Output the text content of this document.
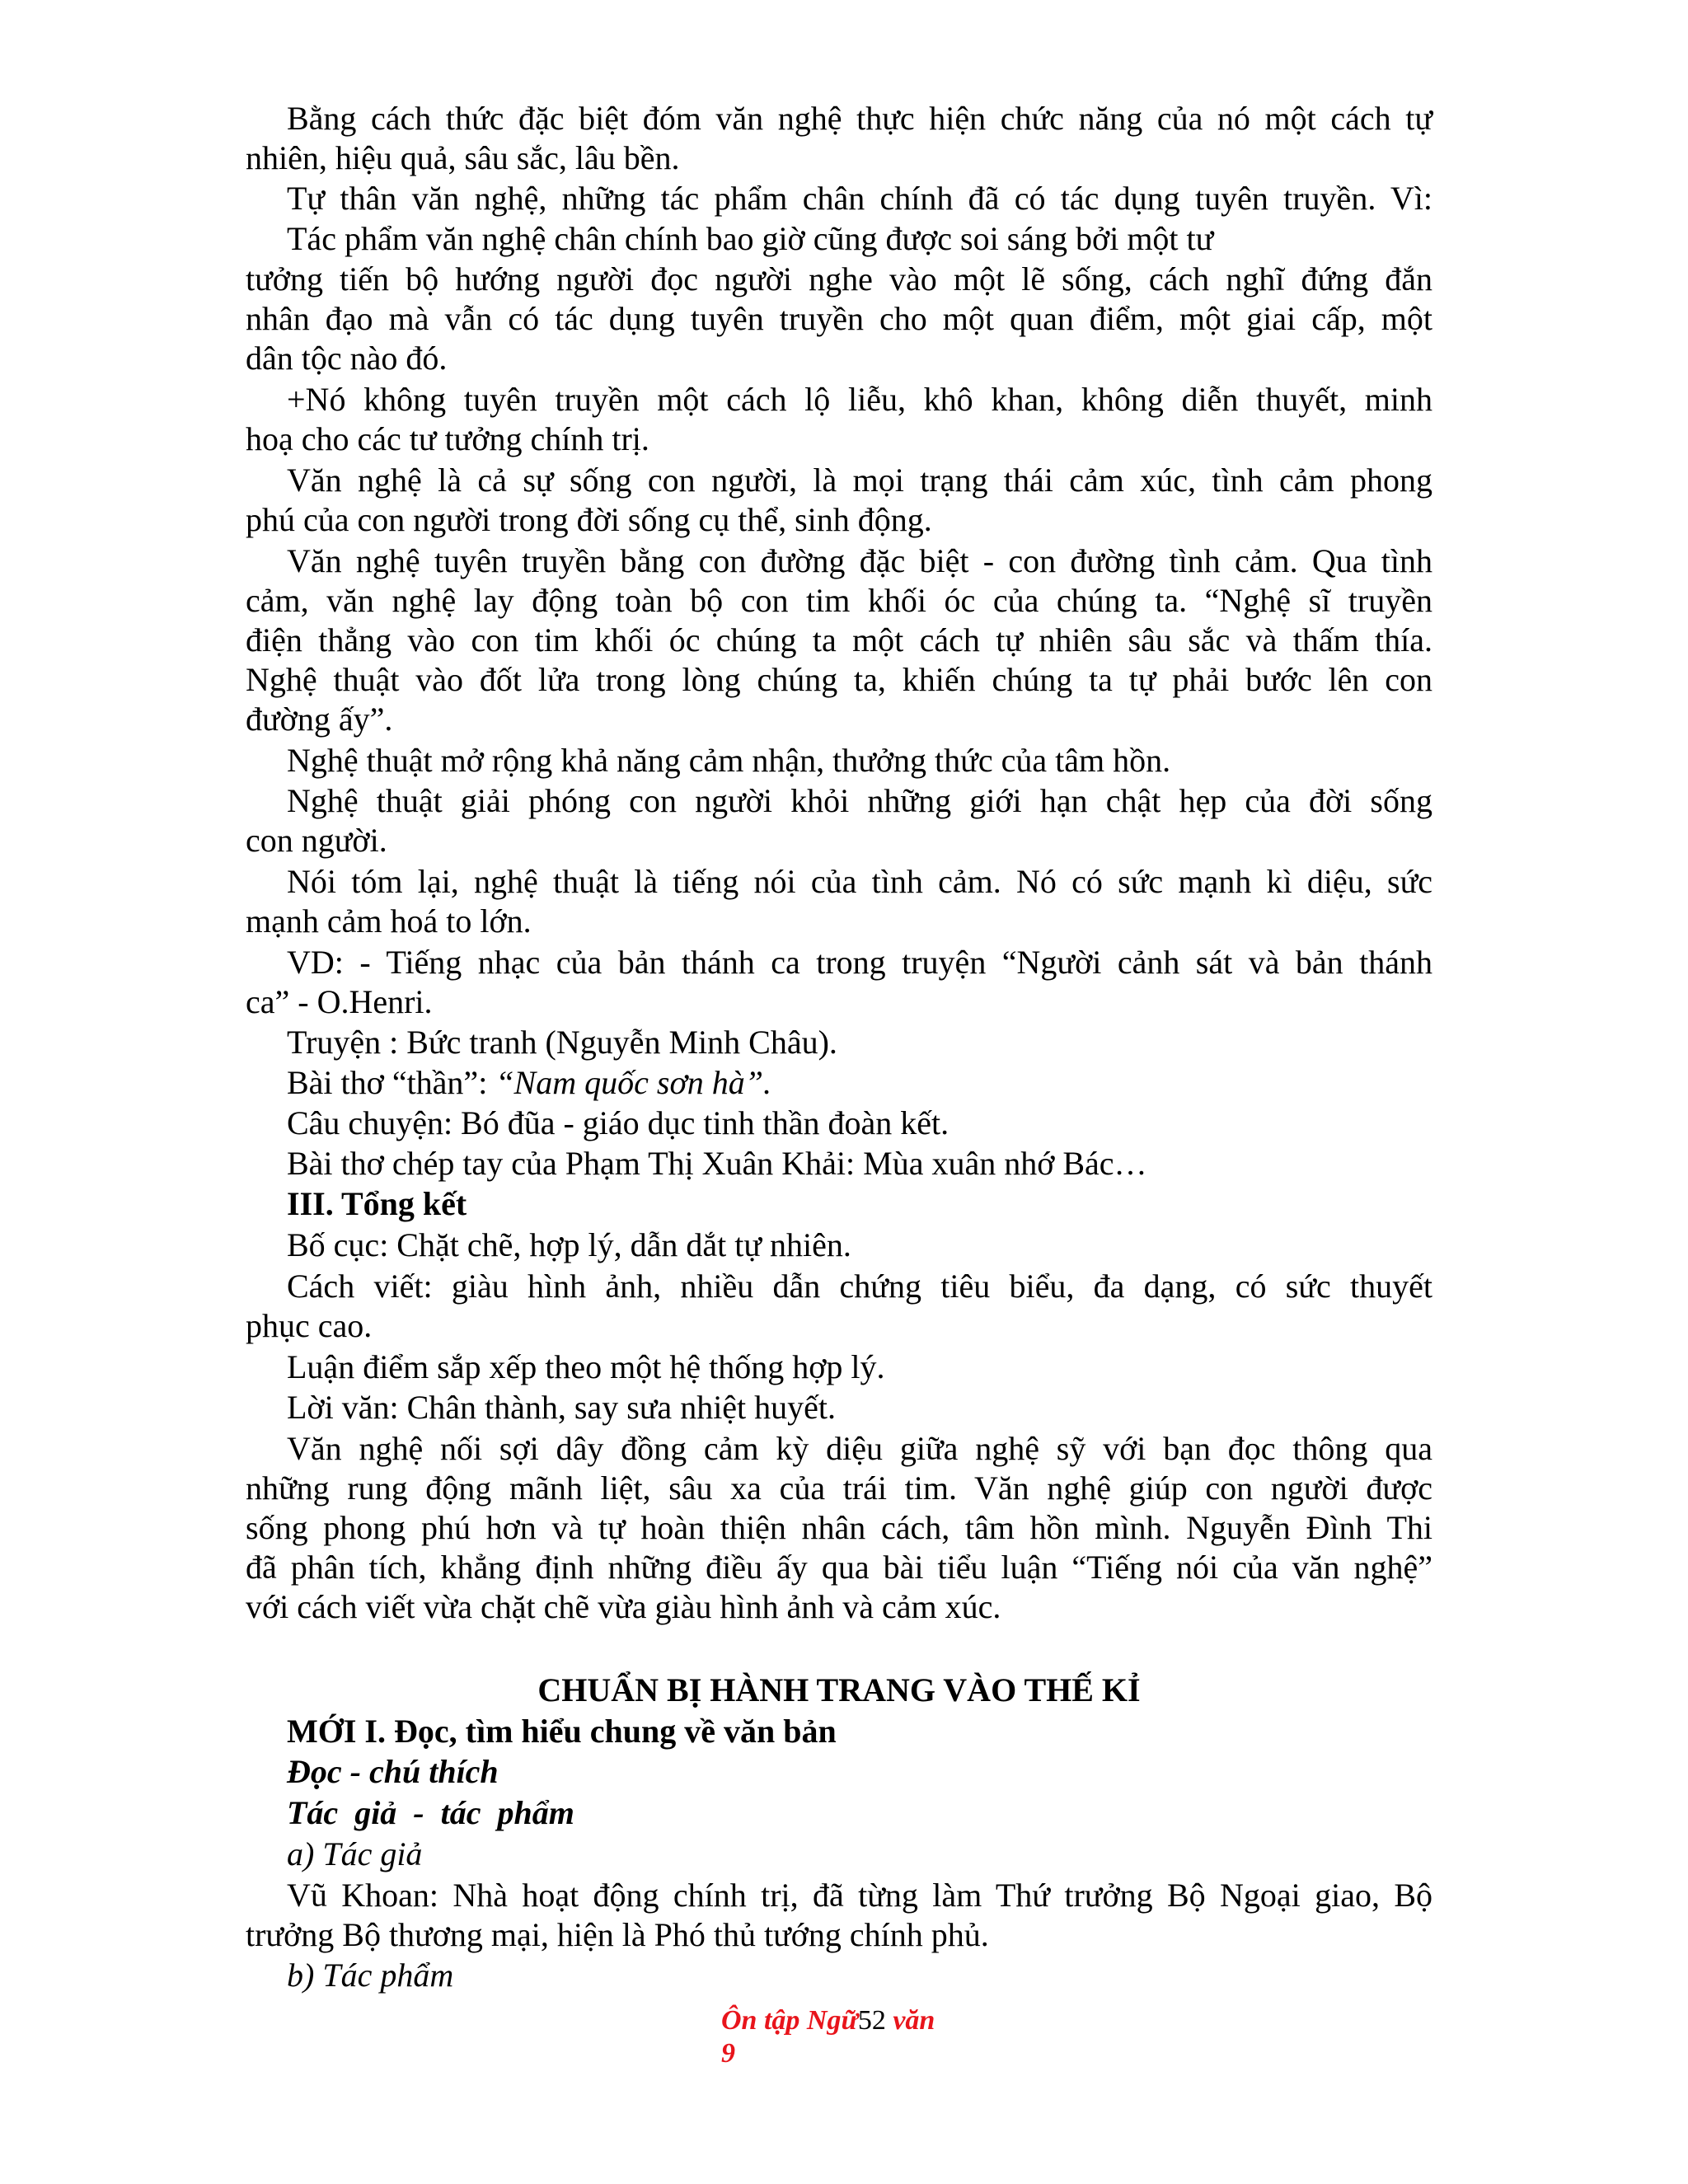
Bằng cách thức đặc biệt đóm văn nghệ thực hiện chức năng của nó một cách tự

nhiên, hiệu quả, sâu sắc, lâu bền.

Tự thân văn nghệ, những tác phẩm chân chính đã có tác dụng tuyên truyền. Vì:

Tác phẩm văn nghệ chân chính bao giờ cũng được soi sáng bởi một tư

tưởng tiến bộ hướng người đọc người nghe vào một lẽ sống, cách nghĩ đứng đắn

nhân đạo mà vẫn có tác dụng tuyên truyền cho một quan điểm, một giai cấp, một

dân tộc nào đó.

+Nó không tuyên truyền một cách lộ liễu, khô khan, không diễn thuyết, minh

hoạ cho các tư tưởng chính trị.

Văn nghệ là cả sự sống con người, là mọi trạng thái cảm xúc, tình cảm phong

phú của con người trong đời sống cụ thể, sinh động.

Văn nghệ tuyên truyền bằng con đường đặc biệt - con đường tình cảm. Qua tình

cảm, văn nghệ lay động toàn bộ con tim khối óc của chúng ta. “Nghệ sĩ truyền

điện thẳng vào con tim khối óc chúng ta một cách tự nhiên sâu sắc và thấm thía.

Nghệ thuật vào đốt lửa trong lòng chúng ta, khiến chúng ta tự phải bước lên con

đường ấy”.

Nghệ thuật mở rộng khả năng cảm nhận, thưởng thức của tâm hồn.

Nghệ thuật giải phóng con người khỏi những giới hạn chật hẹp của đời sống

con người.

Nói tóm lại, nghệ thuật là tiếng nói của tình cảm. Nó có sức mạnh kì diệu, sức

mạnh cảm hoá to lớn.

VD: - Tiếng nhạc của bản thánh ca trong truyện “Người cảnh sát và bản thánh

ca” - O.Henri.

Truyện : Bức tranh (Nguyễn Minh Châu).

Bài thơ “thần”: “Nam quốc sơn hà”.

Câu chuyện: Bó đũa - giáo dục tinh thần đoàn kết.

Bài thơ chép tay của Phạm Thị Xuân Khải: Mùa xuân nhớ Bác…

III. Tổng kết

Bố cục: Chặt chẽ, hợp lý, dẫn dắt tự nhiên.

Cách viết: giàu hình ảnh, nhiều dẫn chứng tiêu biểu, đa dạng, có sức thuyết

phục cao.

Luận điểm sắp xếp theo một hệ thống hợp lý.

Lời văn: Chân thành, say sưa nhiệt huyết.

Văn nghệ nối sợi dây đồng cảm kỳ diệu giữa nghệ sỹ với bạn đọc thông qua

những rung động mãnh liệt, sâu xa của trái tim. Văn nghệ giúp con người được

sống phong phú hơn và tự hoàn thiện nhân cách, tâm hồn mình. Nguyễn Đình Thi

đã phân tích, khẳng định những điều ấy qua bài tiểu luận “Tiếng nói của văn nghệ”

với cách viết vừa chặt chẽ vừa giàu hình ảnh và cảm xúc.

CHUẨN BỊ HÀNH TRANG VÀO THẾ KỈ

MỚI I. Đọc, tìm hiểu chung về văn bản

Đọc - chú thích

Tác giả - tác phẩm

a) Tác giả

Vũ Khoan: Nhà hoạt động chính trị, đã từng làm Thứ trưởng Bộ Ngoại giao, Bộ

trưởng Bộ thương mại, hiện là Phó thủ tướng chính phủ.

b) Tác phẩm

Ôn tập Ngữ52 văn
9
